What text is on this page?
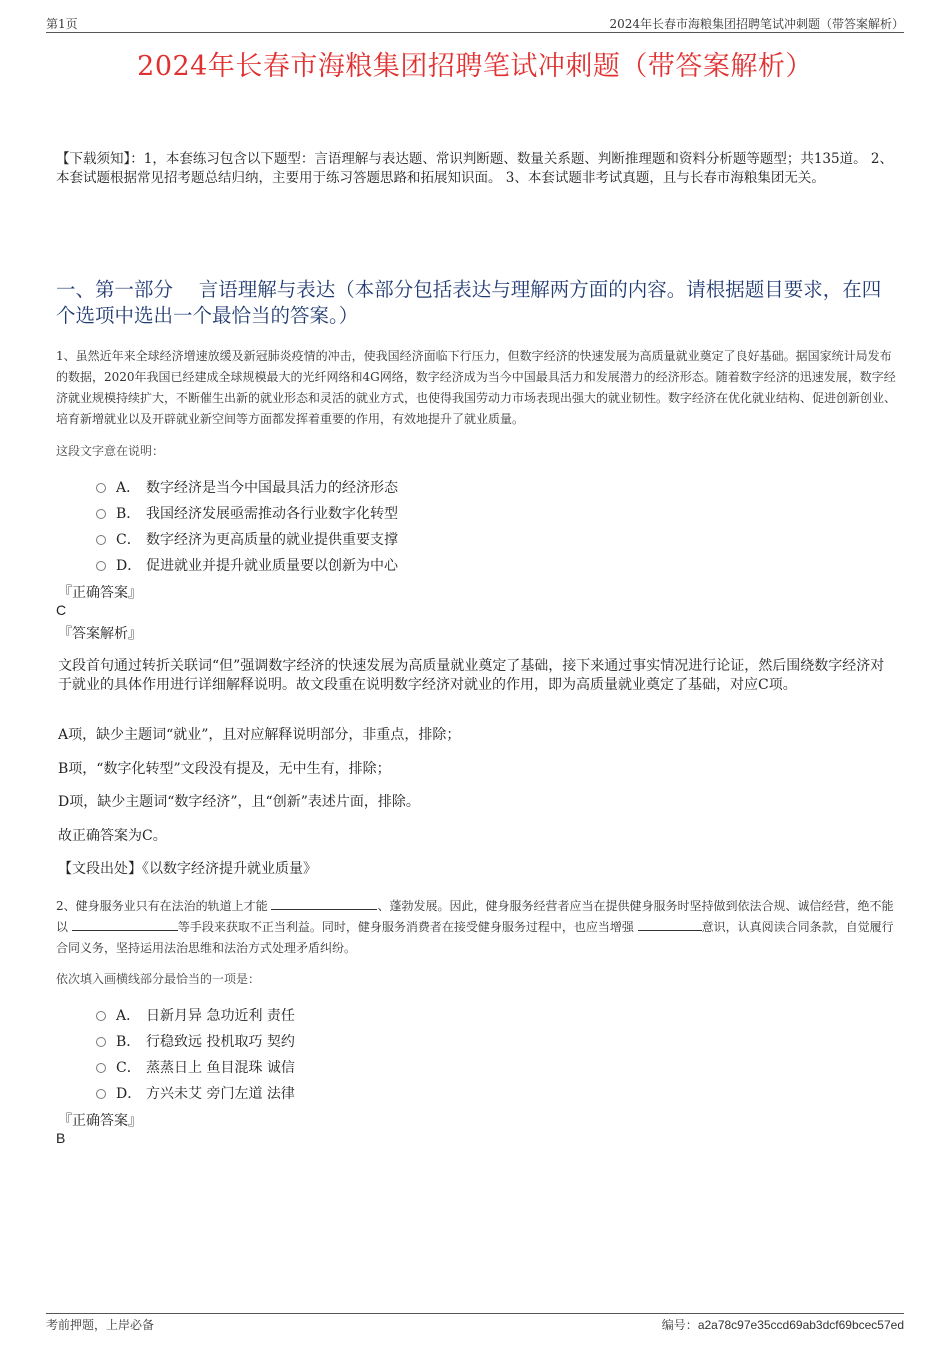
第1页	2024年长春市海粮集团招聘笔试冲刺题（带答案解析）
2024年长春市海粮集团招聘笔试冲刺题（带答案解析）
【下载须知】：1，本套练习包含以下题型：言语理解与表达题、常识判断题、数量关系题、判断推理题和资料分析题等题型；共135道。 2、本套试题根据常见招考题总结归纳，主要用于练习答题思路和拓展知识面。 3、本套试题非考试真题，且与长春市海粮集团无关。
一、第一部分　 言语理解与表达（本部分包括表达与理解两方面的内容。请根据题目要求，在四个选项中选出一个最恰当的答案。）
1、虽然近年来全球经济增速放缓及新冠肺炎疫情的冲击，使我国经济面临下行压力，但数字经济的快速发展为高质量就业奠定了良好基础。据国家统计局发布的数据，2020年我国已经建成全球规模最大的光纤网络和4G网络，数字经济成为当今中国最具活力和发展潜力的经济形态。随着数字经济的迅速发展，数字经济就业规模持续扩大，不断催生出新的就业形态和灵活的就业方式，也使得我国劳动力市场表现出强大的就业韧性。数字经济在优化就业结构、促进创新创业、培育新增就业以及开辟就业新空间等方面都发挥着重要的作用，有效地提升了就业质量。
这段文字意在说明：
A． 数字经济是当今中国最具活力的经济形态
B． 我国经济发展亟需推动各行业数字化转型
C． 数字经济为更高质量的就业提供重要支撑
D． 促进就业并提升就业质量要以创新为中心
『正确答案』
C
『答案解析』
文段首句通过转折关联词“但”强调数字经济的快速发展为高质量就业奠定了基础，接下来通过事实情况进行论证，然后围绕数字经济对于就业的具体作用进行详细解释说明。故文段重在说明数字经济对就业的作用，即为高质量就业奠定了基础，对应C项。
A项，缺少主题词“就业”，且对应解释说明部分，非重点，排除；
B项，“数字化转型”文段没有提及，无中生有，排除；
D项，缺少主题词“数字经济”，且“创新”表述片面，排除。
故正确答案为C。
【文段出处】《以数字经济提升就业质量》
2、健身服务业只有在法治的轨道上才能	、蓬勃发展。因此，健身服务经营者应当在提供健身服务时坚持做到依法合规、诚信经营，绝不能以	等手段来获取不正当利益。同时，健身服务消费者在接受健身服务过程中，也应当增强	意识，认真阅读合同条款，自觉履行合同义务，坚持运用法治思维和法治方式处理矛盾纠纷。
依次填入画横线部分最恰当的一项是：
A． 日新月异 急功近利 责任
B． 行稳致远 投机取巧 契约
C． 蒸蒸日上 鱼目混珠 诚信
D． 方兴未艾 旁门左道 法律
『正确答案』
B
考前押题，上岸必备	编号：a2a78c97e35ccd69ab3dcf69bcec57ed
